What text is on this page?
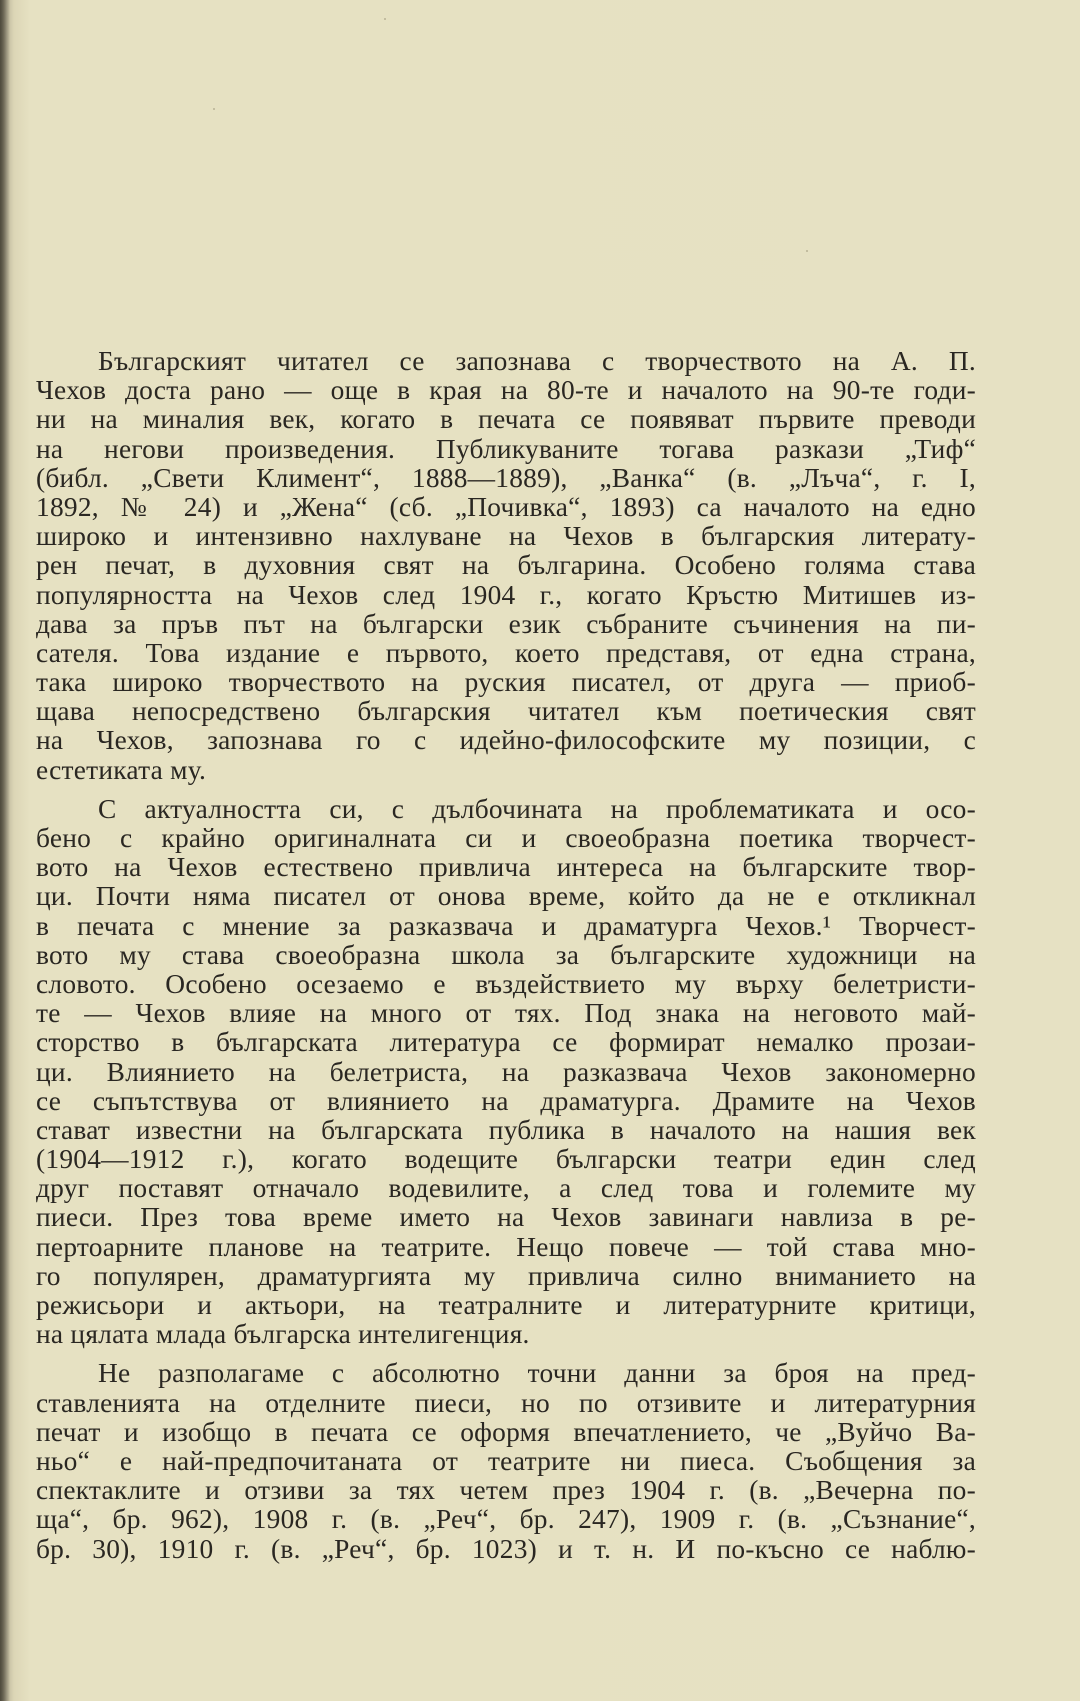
Българският читател се запознава с творчеството на А. П.
Чехов доста рано — още в края на 80-те и началото на 90-те годи-
ни на миналия век, когато в печата се появяват първите преводи
на негови произведения. Публикуваните тогава разкази „Тиф“
(библ. „Свети Климент“, 1888—1889), „Ванка“ (в. „Лъча“, г. I,
1892, № 24) и „Жена“ (сб. „Почивка“, 1893) са началото на едно
широко и интензивно нахлуване на Чехов в българския литерату-
рен печат, в духовния свят на българина. Особено голяма става
популярността на Чехов след 1904 г., когато Кръстю Митишев из-
дава за пръв път на български език събраните съчинения на пи-
сателя. Това издание е първото, което представя, от една страна,
така широко творчеството на руския писател, от друга — приоб-
щава непосредствено българския читател към поетическия свят
на Чехов, запознава го с идейно-философските му позиции, с
естетиката му.
С актуалността си, с дълбочината на проблематиката и осо-
бено с крайно оригиналната си и своеобразна поетика творчест-
вото на Чехов естествено привлича интереса на българските твор-
ци. Почти няма писател от онова време, който да не е откликнал
в печата с мнение за разказвача и драматурга Чехов.¹ Творчест-
вото му става своеобразна школа за българските художници на
словото. Особено осезаемо е въздействието му върху белетристи-
те — Чехов влияе на много от тях. Под знака на неговото май-
сторство в българската литература се формират немалко прозаи-
ци. Влиянието на белетриста, на разказвача Чехов закономерно
се съпътствува от влиянието на драматурга. Драмите на Чехов
стават известни на българската публика в началото на нашия век
(1904—1912 г.), когато водещите български театри един след
друг поставят отначало водевилите, а след това и големите му
пиеси. През това време името на Чехов завинаги навлиза в ре-
пертоарните планове на театрите. Нещо повече — той става мно-
го популярен, драматургията му привлича силно вниманието на
режисьори и актьори, на театралните и литературните критици,
на цялата млада българска интелигенция.
Не разполагаме с абсолютно точни данни за броя на пред-
ставленията на отделните пиеси, но по отзивите и литературния
печат и изобщо в печата се оформя впечатлението, че „Вуйчо Ва-
ньо“ е най-предпочитаната от театрите ни пиеса. Съобщения за
спектаклите и отзиви за тях четем през 1904 г. (в. „Вечерна по-
ща“, бр. 962), 1908 г. (в. „Реч“, бр. 247), 1909 г. (в. „Съзнание“,
бр. 30), 1910 г. (в. „Реч“, бр. 1023) и т. н. И по-късно се наблю-
